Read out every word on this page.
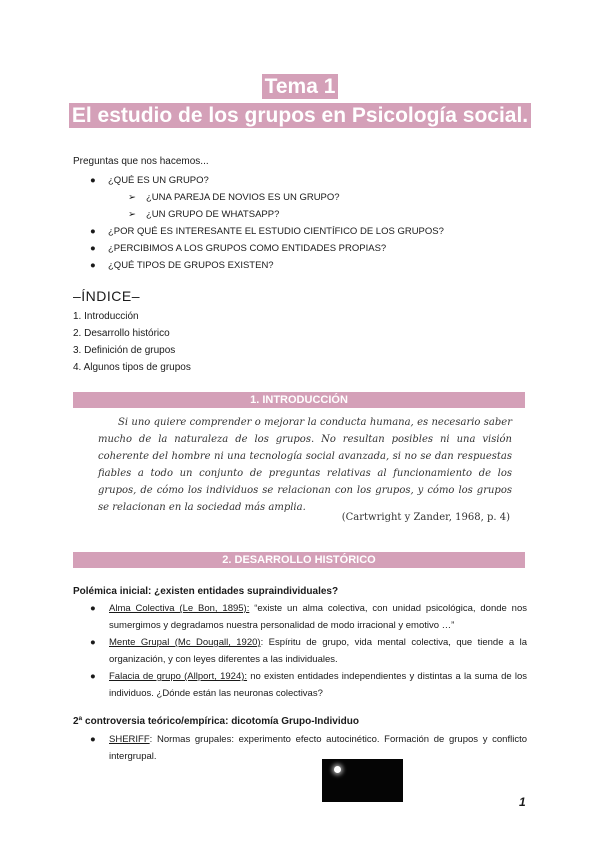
Tema 1
El estudio de los grupos en Psicología social.
Preguntas que nos hacemos...
● ¿QUÉ ES UN GRUPO?
➢ ¿UNA PAREJA DE NOVIOS ES UN GRUPO?
➢ ¿UN GRUPO DE WHATSAPP?
● ¿POR QUÉ ES INTERESANTE EL ESTUDIO CIENTÍFICO DE LOS GRUPOS?
● ¿PERCIBIMOS A LOS GRUPOS COMO ENTIDADES PROPIAS?
● ¿QUÉ TIPOS DE GRUPOS EXISTEN?
–ÍNDICE–
1. Introducción
2. Desarrollo histórico
3. Definición de grupos
4. Algunos tipos de grupos
1. INTRODUCCIÓN
Si uno quiere comprender o mejorar la conducta humana, es necesario saber mucho de la naturaleza de los grupos. No resultan posibles ni una visión coherente del hombre ni una tecnología social avanzada, si no se dan respuestas fiables a todo un conjunto de preguntas relativas al funcionamiento de los grupos, de cómo los individuos se relacionan con los grupos, y cómo los grupos se relacionan en la sociedad más amplia.
(Cartwright y Zander, 1968, p. 4)
2. DESARROLLO HISTÓRICO
Polémica inicial: ¿existen entidades supraindividuales?
● Alma Colectiva (Le Bon, 1895): “existe un alma colectiva, con unidad psicológica, donde nos sumergimos y degradamos nuestra personalidad de modo irracional y emotivo …”
● Mente Grupal (Mc Dougall, 1920): Espíritu de grupo, vida mental colectiva, que tiende a la organización, y con leyes diferentes a las individuales.
● Falacia de grupo (Allport, 1924): no existen entidades independientes y distintas a la suma de los individuos. ¿Dónde están las neuronas colectivas?
2ª controversia teórico/empírica: dicotomía Grupo-Individuo
● SHERIFF: Normas grupales: experimento efecto autocinético. Formación de grupos y conflicto intergrupal.
1
